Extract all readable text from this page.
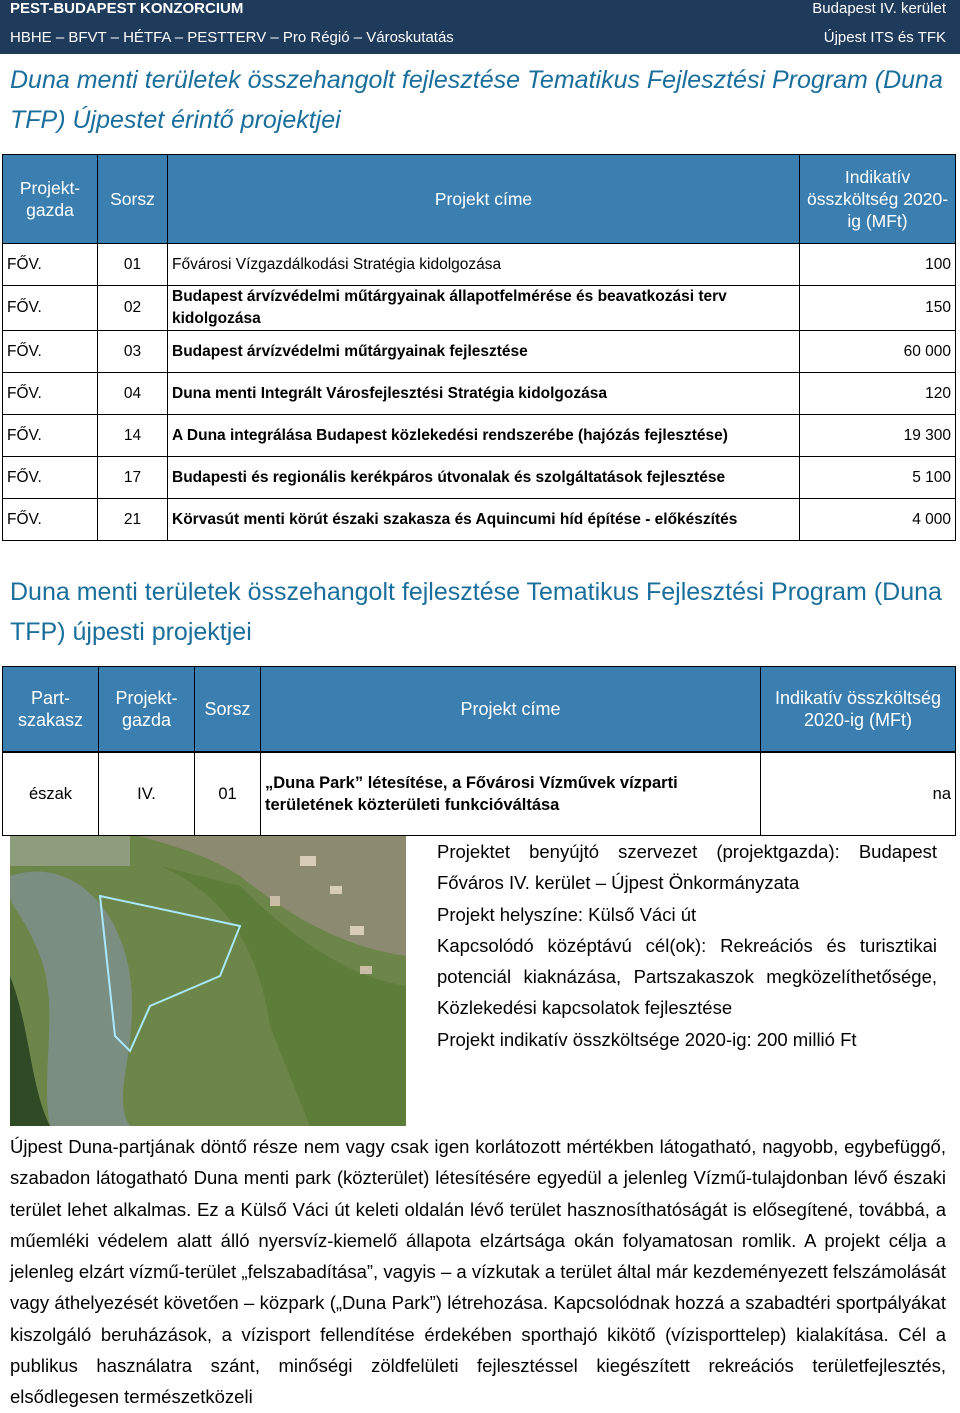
PEST-BUDAPEST KONZORCIUM	Budapest IV. kerület
HBHE – BFVT – HÉTFA – PESTTERV – Pro Régió – Városkutatás	Újpest ITS és TFK
Duna menti területek összehangolt fejlesztése Tematikus Fejlesztési Program (Duna TFP) Újpestet érintő projektjei
Projekt-gazda	Sorsz	Projekt címe	Indikatív összköltség 2020-ig (MFt)
FŐV.	01	Fővárosi Vízgazdálkodási Stratégia kidolgozása	100
FŐV.	02	Budapest árvízvédelmi műtárgyainak állapotfelmérése és beavatkozási terv kidolgozása	150
FŐV.	03	Budapest árvízvédelmi műtárgyainak fejlesztése	60 000
FŐV.	04	Duna menti Integrált Városfejlesztési Stratégia kidolgozása	120
FŐV.	14	A Duna integrálása Budapest közlekedési rendszerébe (hajózás fejlesztése)	19 300
FŐV.	17	Budapesti és regionális kerékpáros útvonalak és szolgáltatások fejlesztése	5 100
FŐV.	21	Körvasút menti körút északi szakasza és Aquincumi híd építése - előkészítés	4 000
Duna menti területek összehangolt fejlesztése Tematikus Fejlesztési Program (Duna TFP) újpesti projektjei
Part-szakasz	Projekt-gazda	Sorsz	Projekt címe	Indikatív összköltség 2020-ig (MFt)
észak	IV.	01	„Duna Park” létesítése, a Fővárosi Vízművek vízparti területének közterületi funkcióváltása	na

Projektet benyújtó szervezet (projektgazda): Budapest Főváros IV. kerület – Újpest Önkormányzata

Projekt helyszíne: Külső Váci út

Kapcsolódó középtávú cél(ok): Rekreációs és turisztikai potenciál kiaknázása, Partszakaszok megközelíthetősége, Közlekedési kapcsolatok fejlesztése

Projekt indikatív összköltsége 2020-ig: 200 millió Ft

Újpest Duna-partjának döntő része nem vagy csak igen korlátozott mértékben látogatható, nagyobb, egybefüggő, szabadon látogatható Duna menti park (közterület) létesítésére egyedül a jelenleg Vízmű-tulajdonban lévő északi terület lehet alkalmas. Ez a Külső Váci út keleti oldalán lévő terület hasznosíthatóságát is elősegítené, továbbá, a műemléki védelem alatt álló nyersvíz-kiemelő állapota elzártsága okán folyamatosan romlik. A projekt célja a jelenleg elzárt vízmű-terület „felszabadítása”, vagyis – a vízkutak a terület által már kezdeményezett felszámolását vagy áthelyezését követően – közpark („Duna Park”) létrehozása. Kapcsolódnak hozzá a szabadtéri sportpályákat kiszolgáló beruházások, a vízisport fellendítése érdekében sporthajó kikötő (vízisporttelep) kialakítása. Cél a publikus használatra szánt, minőségi zöldfelületi fejlesztéssel kiegészített rekreációs területfejlesztés, elsődlegesen természetközeli
